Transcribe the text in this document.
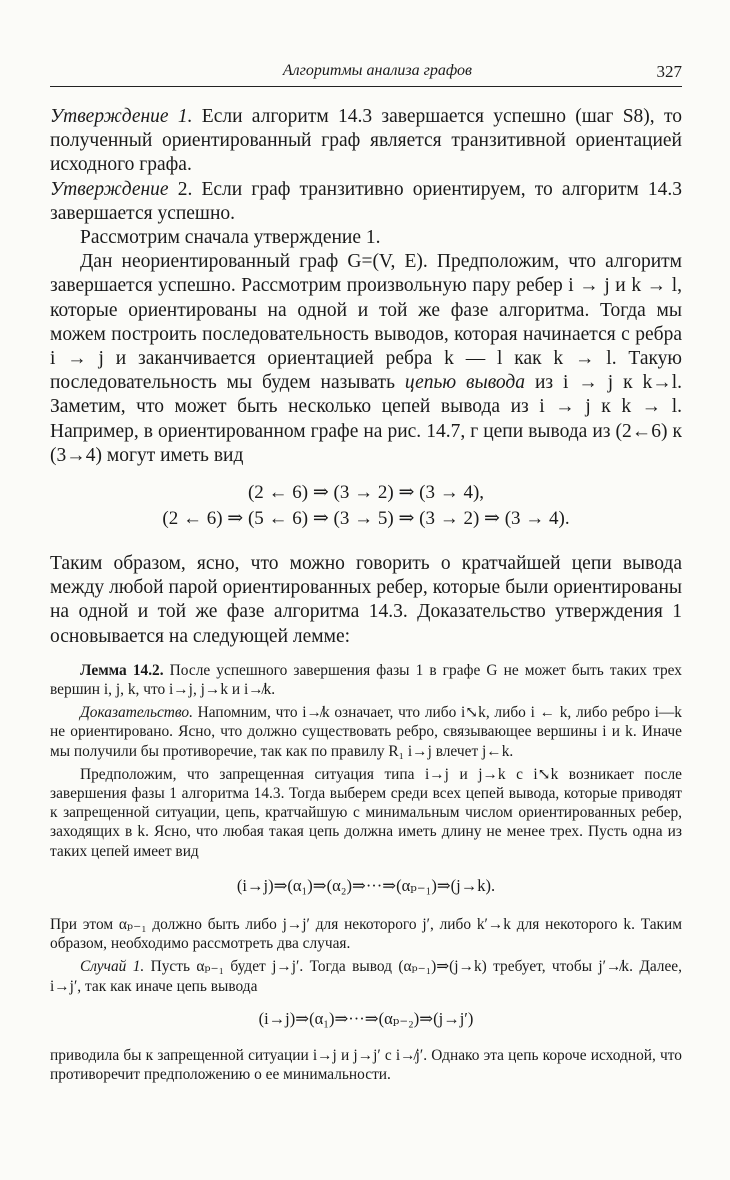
Алгоритмы анализа графов	327

Утверждение 1. Если алгоритм 14.3 завершается успешно (шаг S8), то полученный ориентированный граф является транзитивной ориентацией исходного графа.

Утверждение 2. Если граф транзитивно ориентируем, то алгоритм 14.3 завершается успешно.

Рассмотрим сначала утверждение 1.

Дан неориентированный граф G=(V, E). Предположим, что алгоритм завершается успешно. Рассмотрим произвольную пару ребер i → j и k → l, которые ориентированы на одной и той же фазе алгоритма. Тогда мы можем построить последовательность выводов, которая начинается с ребра i → j и заканчивается ориентацией ребра k — l как k → l. Такую последовательность мы будем называть цепью вывода из i → j к k→l. Заметим, что может быть несколько цепей вывода из i → j к k → l. Например, в ориентированном графе на рис. 14.7, г цепи вывода из (2←6) к (3→4) могут иметь вид

(2 ← 6) ⇒ (3 → 2) ⇒ (3 → 4),
(2 ← 6) ⇒ (5 ← 6) ⇒ (3 → 5) ⇒ (3 → 2) ⇒ (3 → 4).

Таким образом, ясно, что можно говорить о кратчайшей цепи вывода между любой парой ориентированных ребер, которые были ориентированы на одной и той же фазе алгоритма 14.3. Доказательство утверждения 1 основывается на следующей лемме:

Лемма 14.2. После успешного завершения фазы 1 в графе G не может быть таких трех вершин i, j, k, что i→j, j→k и i↛k.

Доказательство. Напомним, что i↛k означает, что либо i⤡k, либо i ← k, либо ребро i—k не ориентировано. Ясно, что должно существовать ребро, связывающее вершины i и k. Иначе мы получили бы противоречие, так как по правилу R₁ i→j влечет j←k.

Предположим, что запрещенная ситуация типа i→j и j→k с i⤡k возникает после завершения фазы 1 алгоритма 14.3. Тогда выберем среди всех цепей вывода, которые приводят к запрещенной ситуации, цепь, кратчайшую с минимальным числом ориентированных ребер, заходящих в k. Ясно, что любая такая цепь должна иметь длину не менее трех. Пусть одна из таких цепей имеет вид

(i→j)⇒(α₁)⇒(α₂)⇒···⇒(αₚ₋₁)⇒(j→k).

При этом αₚ₋₁ должно быть либо j→j′ для некоторого j′, либо k′→k для некоторого k. Таким образом, необходимо рассмотреть два случая.

Случай 1. Пусть αₚ₋₁ будет j→j′. Тогда вывод (αₚ₋₁)⇒(j→k) требует, чтобы j′↛k. Далее, i→j′, так как иначе цепь вывода

(i→j)⇒(α₁)⇒···⇒(αₚ₋₂)⇒(j→j′)

приводила бы к запрещенной ситуации i→j и j→j′ с i↛j′. Однако эта цепь короче исходной, что противоречит предположению о ее минимальности.
